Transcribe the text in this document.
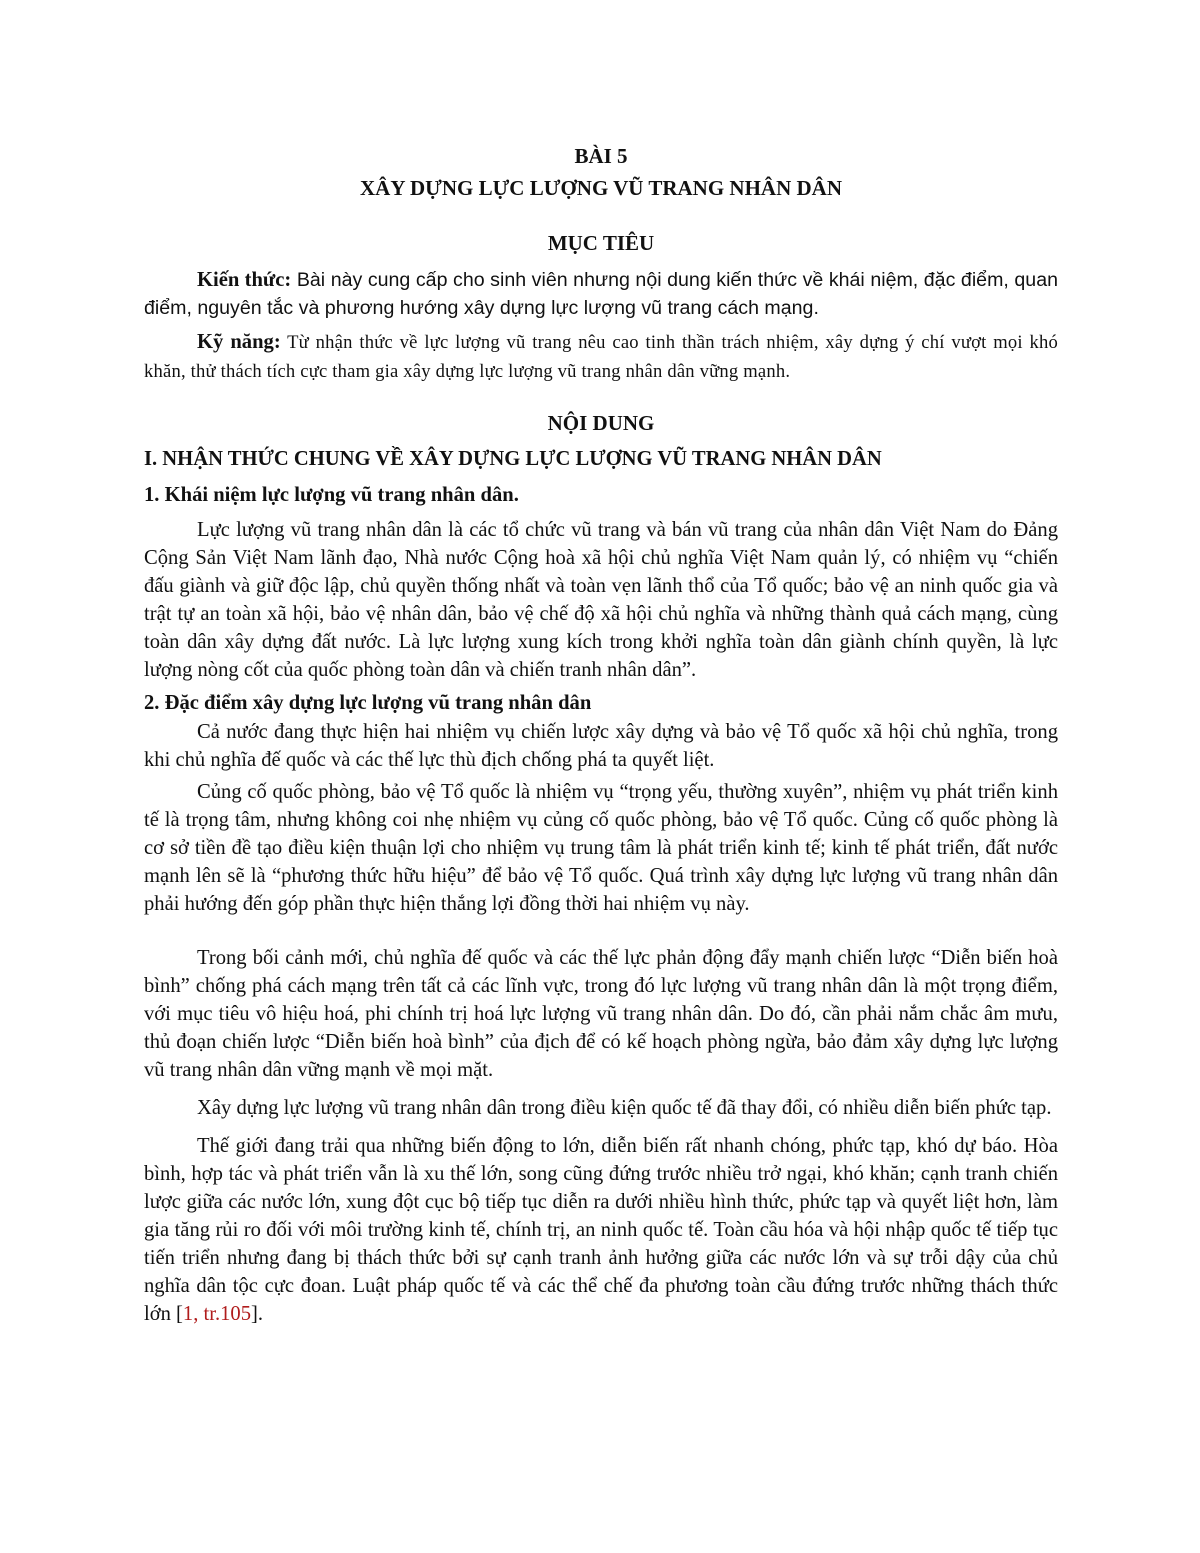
BÀI 5
XÂY DỰNG LỰC LƯỢNG VŨ TRANG NHÂN DÂN
MỤC TIÊU

Kiến thức: Bài này cung cấp cho sinh viên nhưng nội dung kiến thức về khái niệm, đặc điểm, quan điểm, nguyên tắc và phương hướng xây dựng lực lượng vũ trang cách mạng.

Kỹ năng: Từ nhận thức về lực lượng vũ trang nêu cao tinh thần trách nhiệm, xây dựng ý chí vượt mọi khó khăn, thử thách tích cực tham gia xây dựng lực lượng vũ trang nhân dân vững mạnh.

NỘI DUNG
I. NHẬN THỨC CHUNG VỀ XÂY DỰNG LỰC LƯỢNG VŨ TRANG NHÂN DÂN
1. Khái niệm lực lượng vũ trang nhân dân.

Lực lượng vũ trang nhân dân là các tổ chức vũ trang và bán vũ trang của nhân dân Việt Nam do Đảng Cộng Sản Việt Nam lãnh đạo, Nhà nước Cộng hoà xã hội chủ nghĩa Việt Nam quản lý, có nhiệm vụ “chiến đấu giành và giữ độc lập, chủ quyền thống nhất và toàn vẹn lãnh thổ của Tổ quốc; bảo vệ an ninh quốc gia và trật tự an toàn xã hội, bảo vệ nhân dân, bảo vệ chế độ xã hội chủ nghĩa và những thành quả cách mạng, cùng toàn dân xây dựng đất nước. Là lực lượng xung kích trong khởi nghĩa toàn dân giành chính quyền, là lực lượng nòng cốt của quốc phòng toàn dân và chiến tranh nhân dân”.

2. Đặc điểm xây dựng lực lượng vũ trang nhân dân

Cả nước đang thực hiện hai nhiệm vụ chiến lược xây dựng và bảo vệ Tổ quốc xã hội chủ nghĩa, trong khi chủ nghĩa đế quốc và các thế lực thù địch chống phá ta quyết liệt.

Củng cố quốc phòng, bảo vệ Tổ quốc là nhiệm vụ “trọng yếu, thường xuyên”, nhiệm vụ phát triển kinh tế là trọng tâm, nhưng không coi nhẹ nhiệm vụ củng cố quốc phòng, bảo vệ Tổ quốc. Củng cố quốc phòng là cơ sở tiền đề tạo điều kiện thuận lợi cho nhiệm vụ trung tâm là phát triển kinh tế; kinh tế phát triển, đất nước mạnh lên sẽ là “phương thức hữu hiệu” để bảo vệ Tổ quốc. Quá trình xây dựng lực lượng vũ trang nhân dân phải hướng đến góp phần thực hiện thắng lợi đồng thời hai nhiệm vụ này.

Trong bối cảnh mới, chủ nghĩa đế quốc và các thế lực phản động đẩy mạnh chiến lược “Diễn biến hoà bình” chống phá cách mạng trên tất cả các lĩnh vực, trong đó lực lượng vũ trang nhân dân là một trọng điểm, với mục tiêu vô hiệu hoá, phi chính trị hoá lực lượng vũ trang nhân dân. Do đó, cần phải nắm chắc âm mưu, thủ đoạn chiến lược “Diễn biến hoà bình” của địch để có kế hoạch phòng ngừa, bảo đảm xây dựng lực lượng vũ trang nhân dân vững mạnh về mọi mặt.

Xây dựng lực lượng vũ trang nhân dân trong điều kiện quốc tế đã thay đổi, có nhiều diễn biến phức tạp.

Thế giới đang trải qua những biến động to lớn, diễn biến rất nhanh chóng, phức tạp, khó dự báo. Hòa bình, hợp tác và phát triển vẫn là xu thế lớn, song cũng đứng trước nhiều trở ngại, khó khăn; cạnh tranh chiến lược giữa các nước lớn, xung đột cục bộ tiếp tục diễn ra dưới nhiều hình thức, phức tạp và quyết liệt hơn, làm gia tăng rủi ro đối với môi trường kinh tế, chính trị, an ninh quốc tế. Toàn cầu hóa và hội nhập quốc tế tiếp tục tiến triển nhưng đang bị thách thức bởi sự cạnh tranh ảnh hưởng giữa các nước lớn và sự trỗi dậy của chủ nghĩa dân tộc cực đoan. Luật pháp quốc tế và các thể chế đa phương toàn cầu đứng trước những thách thức lớn [1, tr.105].
